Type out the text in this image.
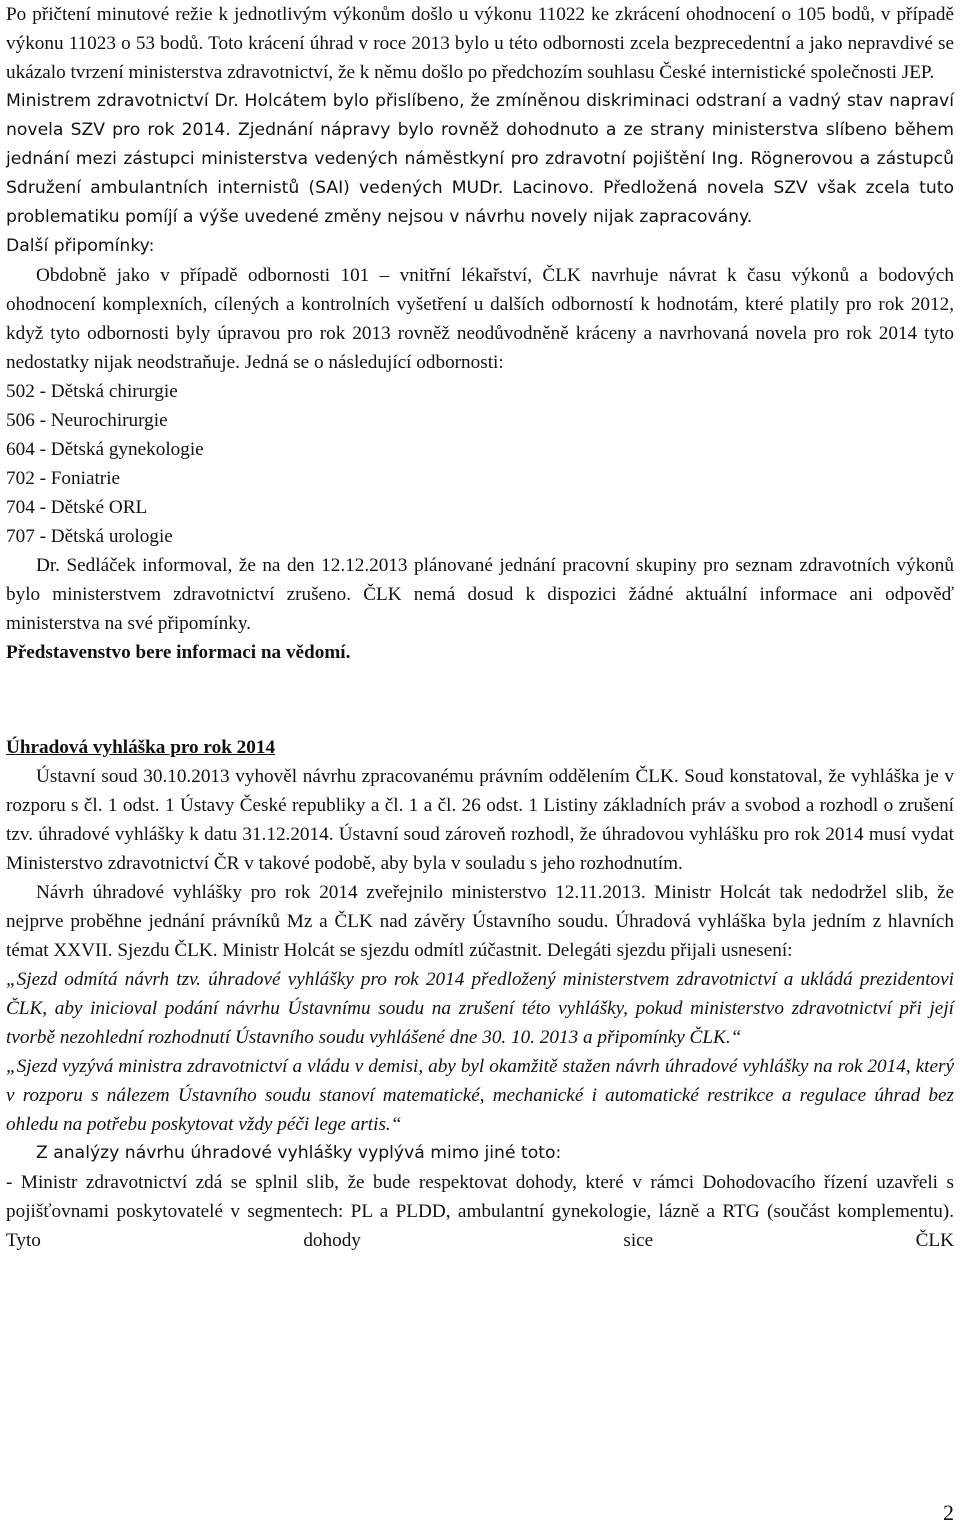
Po přičtení minutové režie k jednotlivým výkonům došlo u výkonu 11022 ke zkrácení ohodnocení o 105 bodů, v případě výkonu 11023 o 53 bodů. Toto krácení úhrad v roce 2013 bylo u této odbornosti zcela bezprecedentní a jako nepravdivé se ukázalo tvrzení ministerstva zdravotnictví, že k němu došlo po předchozím souhlasu České internistické společnosti JEP.

Ministrem zdravotnictví Dr. Holcátem bylo přislíbeno, že zmíněnou diskriminaci odstraní a vadný stav napraví novela SZV pro rok 2014. Zjednání nápravy bylo rovněž dohodnuto a ze strany ministerstva slíbeno během jednání mezi zástupci ministerstva vedených náměstkyní pro zdravotní pojištění Ing. Rögnerovou a zástupců Sdružení ambulantních internistů (SAI) vedených MUDr. Lacinovo. Předložená novela SZV však zcela tuto problematiku pomíjí a výše uvedené změny nejsou v návrhu novely nijak zapracovány.

Další připomínky:

Obdobně jako v případě odbornosti 101 – vnitřní lékařství, ČLK navrhuje návrat k času výkonů a bodových ohodnocení komplexních, cílených a kontrolních vyšetření u dalších odborností k hodnotám, které platily pro rok 2012, když tyto odbornosti byly úpravou pro rok 2013 rovněž neodůvodněně kráceny a navrhovaná novela pro rok 2014 tyto nedostatky nijak neodstraňuje. Jedná se o následující odbornosti:

502 - Dětská chirurgie

506 - Neurochirurgie

604 - Dětská gynekologie

702 - Foniatrie

704 - Dětské ORL

707 - Dětská urologie

Dr. Sedláček informoval, že na den 12.12.2013 plánované jednání pracovní skupiny pro seznam zdravotních výkonů bylo ministerstvem zdravotnictví zrušeno. ČLK nemá dosud k dispozici žádné aktuální informace ani odpověď ministerstva na své připomínky.

Představenstvo bere informaci na vědomí.

Úhradová vyhláška pro rok 2014

Ústavní soud 30.10.2013 vyhověl návrhu zpracovanému právním oddělením ČLK. Soud konstatoval, že vyhláška je v rozporu s čl. 1 odst. 1 Ústavy České republiky a čl. 1 a čl. 26 odst. 1 Listiny základních práv a svobod a rozhodl o zrušení tzv. úhradové vyhlášky k datu 31.12.2014. Ústavní soud zároveň rozhodl, že úhradovou vyhlášku pro rok 2014 musí vydat Ministerstvo zdravotnictví ČR v takové podobě, aby byla v souladu s jeho rozhodnutím.

Návrh úhradové vyhlášky pro rok 2014 zveřejnilo ministerstvo 12.11.2013. Ministr Holcát tak nedodržel slib, že nejprve proběhne jednání právníků Mz a ČLK nad závěry Ústavního soudu. Úhradová vyhláška byla jedním z hlavních témat XXVII. Sjezdu ČLK. Ministr Holcát se sjezdu odmítl zúčastnit. Delegáti sjezdu přijali usnesení:

„Sjezd odmítá návrh tzv. úhradové vyhlášky pro rok 2014 předložený ministerstvem zdravotnictví a ukládá prezidentovi ČLK, aby inicioval podání návrhu Ústavnímu soudu na zrušení této vyhlášky, pokud ministerstvo zdravotnictví při její tvorbě nezohlední rozhodnutí Ústavního soudu vyhlášené dne 30. 10. 2013 a připomínky ČLK.“

„Sjezd vyzývá ministra zdravotnictví a vládu v demisi, aby byl okamžitě stažen návrh úhradové vyhlášky na rok 2014, který v rozporu s nálezem Ústavního soudu stanoví matematické, mechanické i automatické restrikce a regulace úhrad bez ohledu na potřebu poskytovat vždy péči lege artis.“

Z analýzy návrhu úhradové vyhlášky vyplývá mimo jiné toto:

- Ministr zdravotnictví zdá se splnil slib, že bude respektovat dohody, které v rámci Dohodovacího řízení uzavřeli s pojišťovnami poskytovatelé v segmentech: PL a PLDD, ambulantní gynekologie, lázně a RTG (součást komplementu). Tyto dohody sice ČLK

2
